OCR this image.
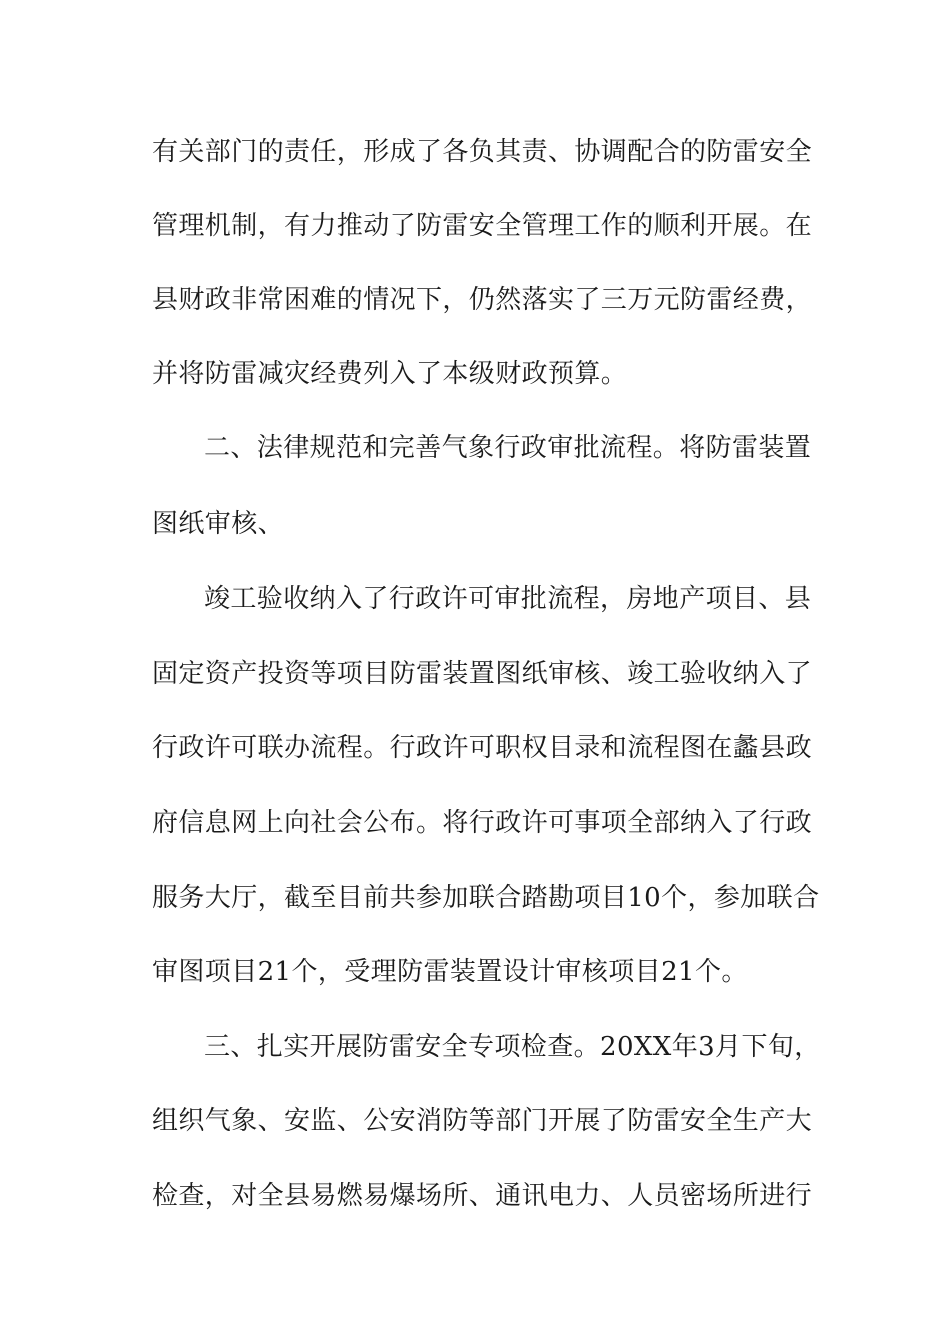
有关部门的责任，形成了各负其责、协调配合的防雷安全
管理机制，有力推动了防雷安全管理工作的顺利开展。在
县财政非常困难的情况下，仍然落实了三万元防雷经费，
并将防雷减灾经费列入了本级财政预算。
二、法律规范和完善气象行政审批流程。将防雷装置
图纸审核、
竣工验收纳入了行政许可审批流程，房地产项目、县
固定资产投资等项目防雷装置图纸审核、竣工验收纳入了
行政许可联办流程。行政许可职权目录和流程图在蠡县政
府信息网上向社会公布。将行政许可事项全部纳入了行政
服务大厅，截至目前共参加联合踏勘项目10个，参加联合
审图项目21个，受理防雷装置设计审核项目21个。
三、扎实开展防雷安全专项检查。20XX年3月下旬，
组织气象、安监、公安消防等部门开展了防雷安全生产大
检查，对全县易燃易爆场所、通讯电力、人员密场所进行
